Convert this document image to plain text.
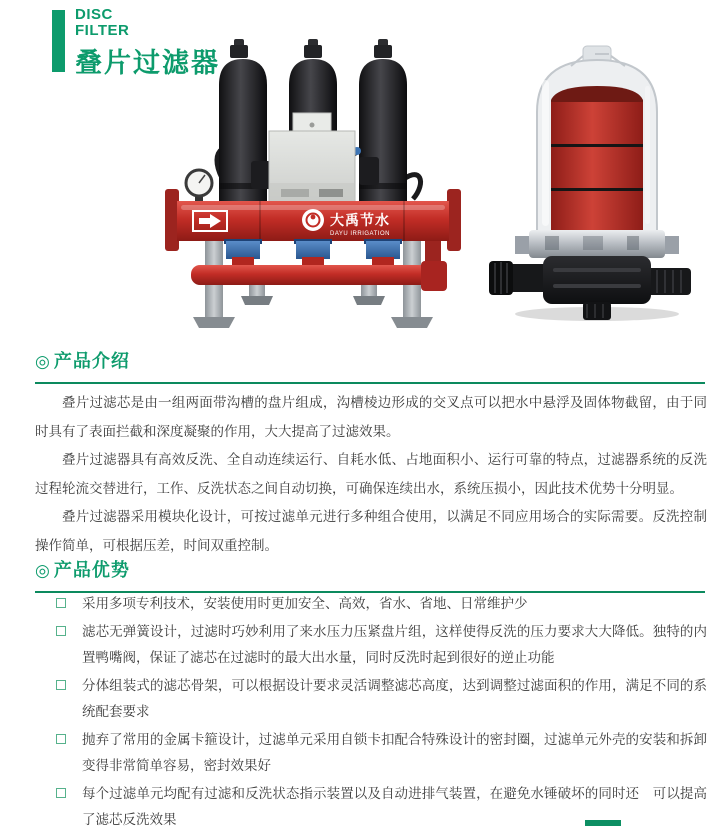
DISC
FILTER
叠片过滤器
大禹节水
DAYU IRRIGATION
◎ 产品介绍

叠片过滤芯是由一组两面带沟槽的盘片组成，沟槽棱边形成的交叉点可以把水中悬浮及固体物截留，由于同时具有了表面拦截和深度凝聚的作用，大大提高了过滤效果。

叠片过滤器具有高效反洗、全自动连续运行、自耗水低、占地面积小、运行可靠的特点，过滤器系统的反洗过程轮流交替进行，工作、反洗状态之间自动切换，可确保连续出水，系统压损小，因此技术优势十分明显。

叠片过滤器采用模块化设计，可按过滤单元进行多种组合使用，以满足不同应用场合的实际需要。反洗控制操作简单，可根据压差，时间双重控制。

◎ 产品优势
采用多项专利技术，安装使用时更加安全、高效，省水、省地、日常维护少
滤芯无弹簧设计，过滤时巧妙利用了来水压力压紧盘片组，这样使得反洗的压力要求大大降低。独特的内置鸭嘴阀，保证了滤芯在过滤时的最大出水量，同时反洗时起到很好的逆止功能
分体组装式的滤芯骨架，可以根据设计要求灵活调整滤芯高度，达到调整过滤面积的作用，满足不同的系统配套要求
抛弃了常用的金属卡箍设计，过滤单元采用自锁卡扣配合特殊设计的密封圈，过滤单元外壳的安装和拆卸变得非常简单容易，密封效果好
每个过滤单元均配有过滤和反洗状态指示装置以及自动进排气装置，在避免水锤破坏的同时还　可以提高了滤芯反洗效果
